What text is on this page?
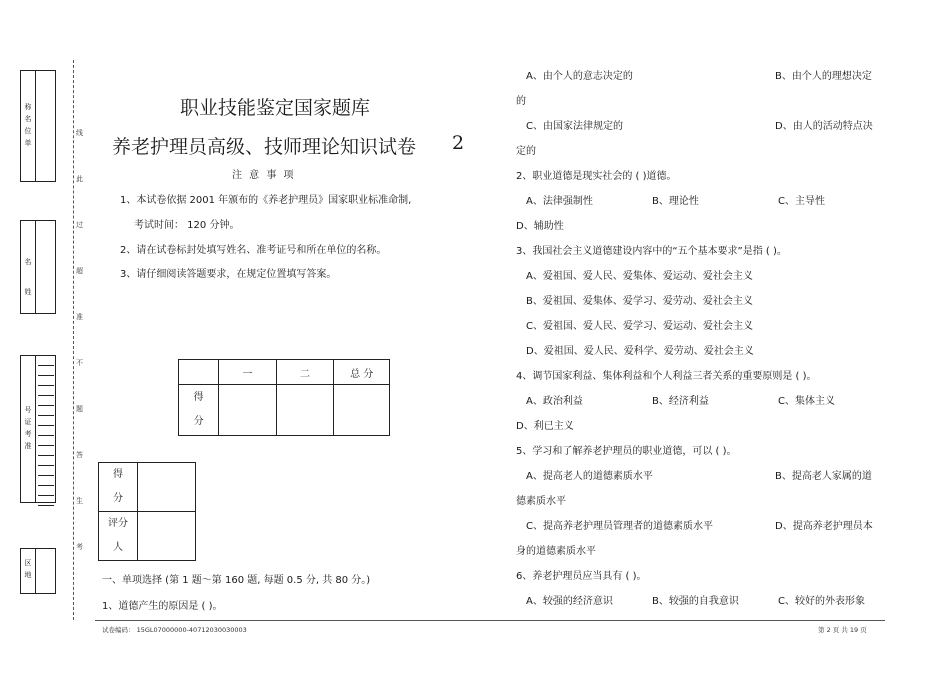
称名位单
名姓
号证考准
区地
线
此
过
超
准
不
题
答
生
考
职业技能鉴定国家题库
养老护理员高级、技师理论知识试卷 2
注 意 事 项
1、本试卷依据 2001 年颁布的《养老护理员》国家职业标准命制,
考试时间： 120 分钟。
2、请在试卷标封处填写姓名、准考证号和所在单位的名称。
3、请仔细阅读答题要求，在规定位置填写答案。
	一	二	总 分
得分			
得分	
评分人	
一、单项选择 (第 1 题～第 160 题, 每题 0.5 分, 共 80 分。)
1、道德产生的原因是 ( )。
A、由个人的意志决定的	B、由个人的理想决定
的
C、由国家法律规定的	D、由人的活动特点决
定的
2、职业道德是现实社会的 ( )道德。
A、法律强制性	B、理论性	C、主导性
D、辅助性
3、我国社会主义道德建设内容中的“五个基本要求”是指 ( )。
A、爱祖国、爱人民、爱集体、爱运动、爱社会主义
B、爱祖国、爱集体、爱学习、爱劳动、爱社会主义
C、爱祖国、爱人民、爱学习、爱运动、爱社会主义
D、爱祖国、爱人民、爱科学、爱劳动、爱社会主义
4、调节国家利益、集体利益和个人利益三者关系的重要原则是 ( )。
A、政治利益	B、经济利益	C、集体主义
D、利已主义
5、学习和了解养老护理员的职业道德，可以 ( )。
A、提高老人的道德素质水平	B、提高老人家属的道
德素质水平
C、提高养老护理员管理者的道德素质水平	D、提高养老护理员本
身的道德素质水平
6、养老护理员应当具有 ( )。
A、较强的经济意识	B、较强的自我意识	C、较好的外表形象
试卷编码： 15GL07000000-40712030030003	第 2 页 共 19 页
